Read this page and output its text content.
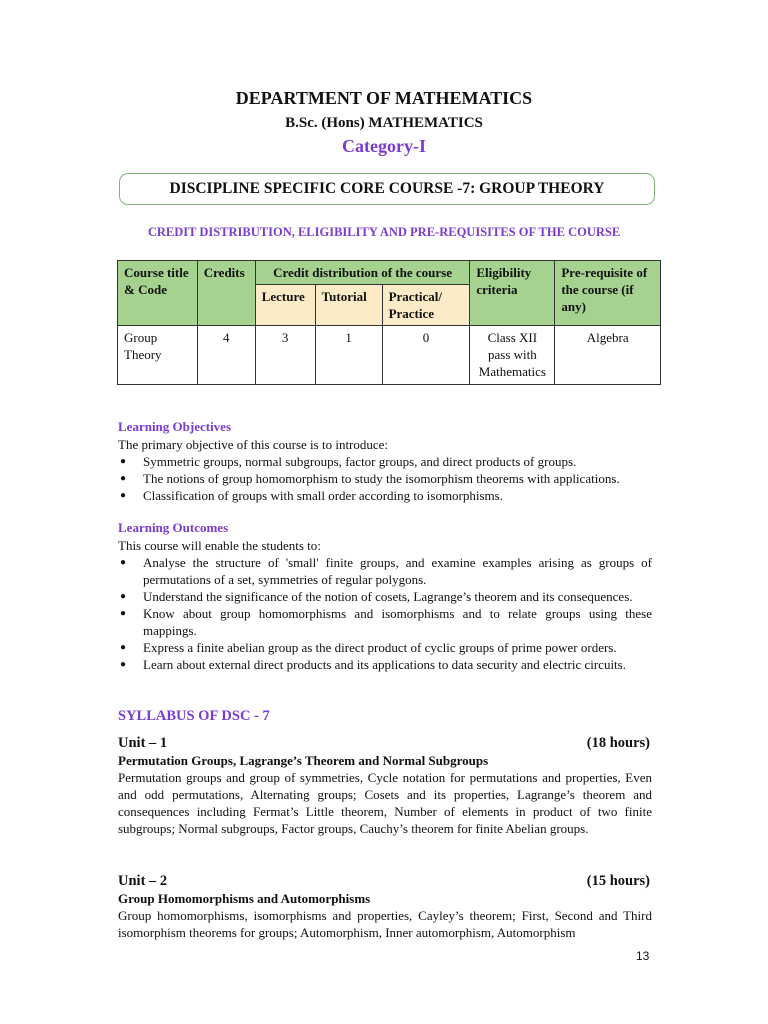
DEPARTMENT OF MATHEMATICS
B.Sc. (Hons) MATHEMATICS
Category-I
DISCIPLINE SPECIFIC CORE COURSE -7: GROUP THEORY
CREDIT DISTRIBUTION, ELIGIBILITY AND PRE-REQUISITES OF THE COURSE
Course title & Code	Credits	Credit distribution of the course			Eligibility criteria	Pre-requisite of the course (if any)
		Lecture	Tutorial	Practical/ Practice		
Group Theory	4	3	1	0	Class XII pass with Mathematics	Algebra
Learning Objectives
The primary objective of this course is to introduce:
● Symmetric groups, normal subgroups, factor groups, and direct products of groups.
● The notions of group homomorphism to study the isomorphism theorems with applications.
● Classification of groups with small order according to isomorphisms.
Learning Outcomes
This course will enable the students to:
● Analyse the structure of 'small' finite groups, and examine examples arising as groups of permutations of a set, symmetries of regular polygons.
● Understand the significance of the notion of cosets, Lagrange’s theorem and its consequences.
● Know about group homomorphisms and isomorphisms and to relate groups using these mappings.
● Express a finite abelian group as the direct product of cyclic groups of prime power orders.
● Learn about external direct products and its applications to data security and electric circuits.
SYLLABUS OF DSC - 7
Unit – 1	(18 hours)
Permutation Groups, Lagrange’s Theorem and Normal Subgroups
Permutation groups and group of symmetries, Cycle notation for permutations and properties, Even and odd permutations, Alternating groups; Cosets and its properties, Lagrange’s theorem and consequences including Fermat’s Little theorem, Number of elements in product of two finite subgroups; Normal subgroups, Factor groups, Cauchy’s theorem for finite Abelian groups.
Unit – 2	(15 hours)
Group Homomorphisms and Automorphisms
Group homomorphisms, isomorphisms and properties, Cayley’s theorem; First, Second and Third isomorphism theorems for groups; Automorphism, Inner automorphism, Automorphism
13
